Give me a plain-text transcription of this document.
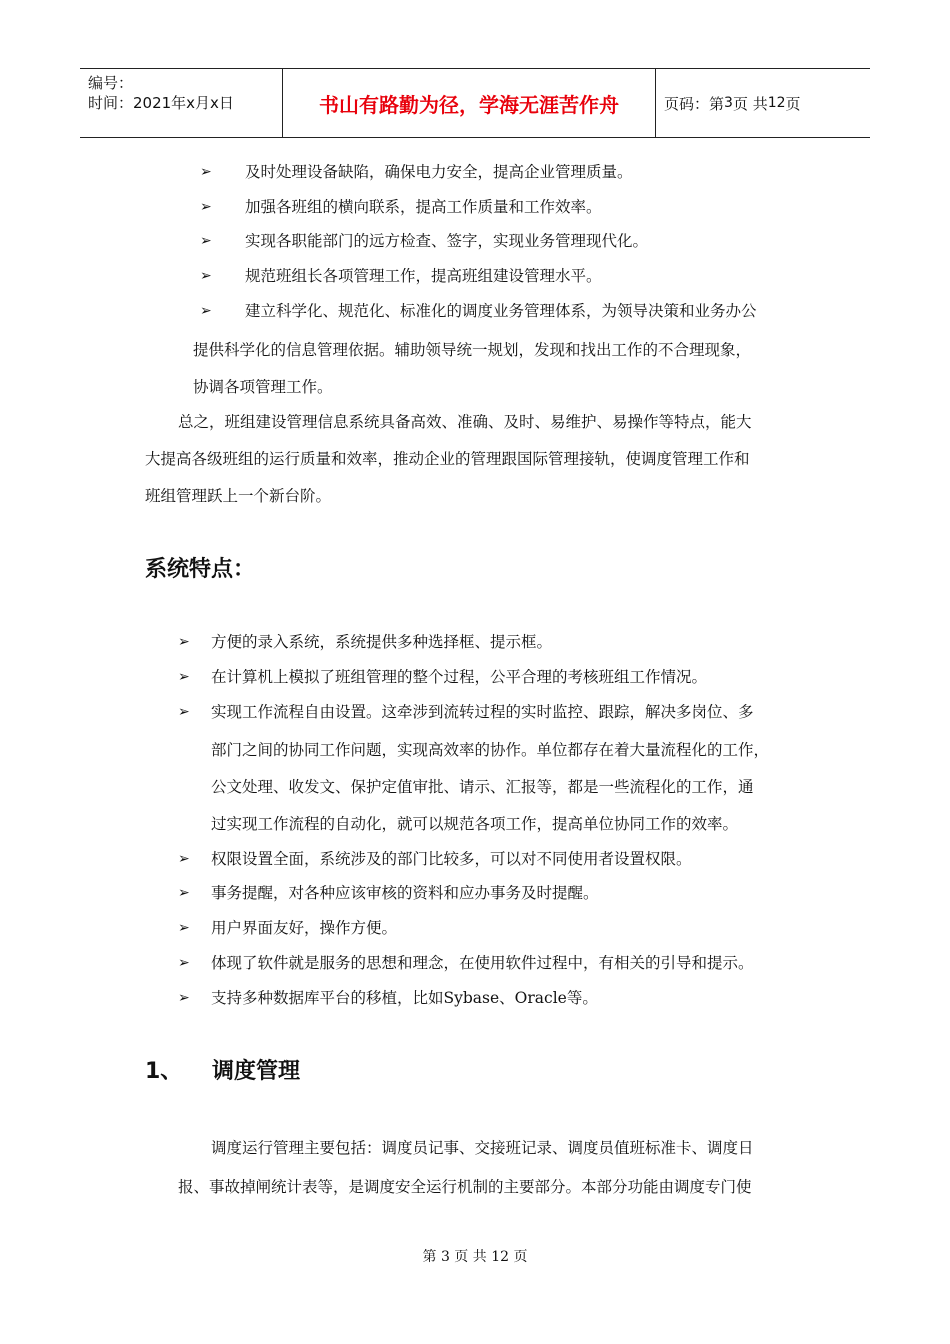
编号：
时间：2021年x月x日	书山有路勤为径，学海无涯苦作舟	页码：第 3 页 共 12 页
➢ 及时处理设备缺陷，确保电力安全，提高企业管理质量。
➢ 加强各班组的横向联系，提高工作质量和工作效率。
➢ 实现各职能部门的远方检查、签字，实现业务管理现代化。
➢ 规范班组长各项管理工作，提高班组建设管理水平。
➢ 建立科学化、规范化、标准化的调度业务管理体系，为领导决策和业务办公
提供科学化的信息管理依据。辅助领导统一规划，发现和找出工作的不合理现象，
协调各项管理工作。
总之，班组建设管理信息系统具备高效、准确、及时、易维护、易操作等特点，能大
大提高各级班组的运行质量和效率，推动企业的管理跟国际管理接轨，使调度管理工作和
班组管理跃上一个新台阶。
系统特点：
➢ 方便的录入系统，系统提供多种选择框、提示框。
➢ 在计算机上模拟了班组管理的整个过程，公平合理的考核班组工作情况。
➢ 实现工作流程自由设置。这牵涉到流转过程的实时监控、跟踪，解决多岗位、多
部门之间的协同工作问题，实现高效率的协作。单位都存在着大量流程化的工作，
公文处理、收发文、保护定值审批、请示、汇报等，都是一些流程化的工作，通
过实现工作流程的自动化，就可以规范各项工作，提高单位协同工作的效率。
➢ 权限设置全面，系统涉及的部门比较多，可以对不同使用者设置权限。
➢ 事务提醒，对各种应该审核的资料和应办事务及时提醒。
➢ 用户界面友好，操作方便。
➢ 体现了软件就是服务的思想和理念，在使用软件过程中，有相关的引导和提示。
➢ 支持多种数据库平台的移植，比如Sybase、Oracle等。
1、 调度管理
调度运行管理主要包括：调度员记事、交接班记录、调度员值班标准卡、调度日
报、事故掉闸统计表等，是调度安全运行机制的主要部分。本部分功能由调度专门使
第 3 页 共 12 页
